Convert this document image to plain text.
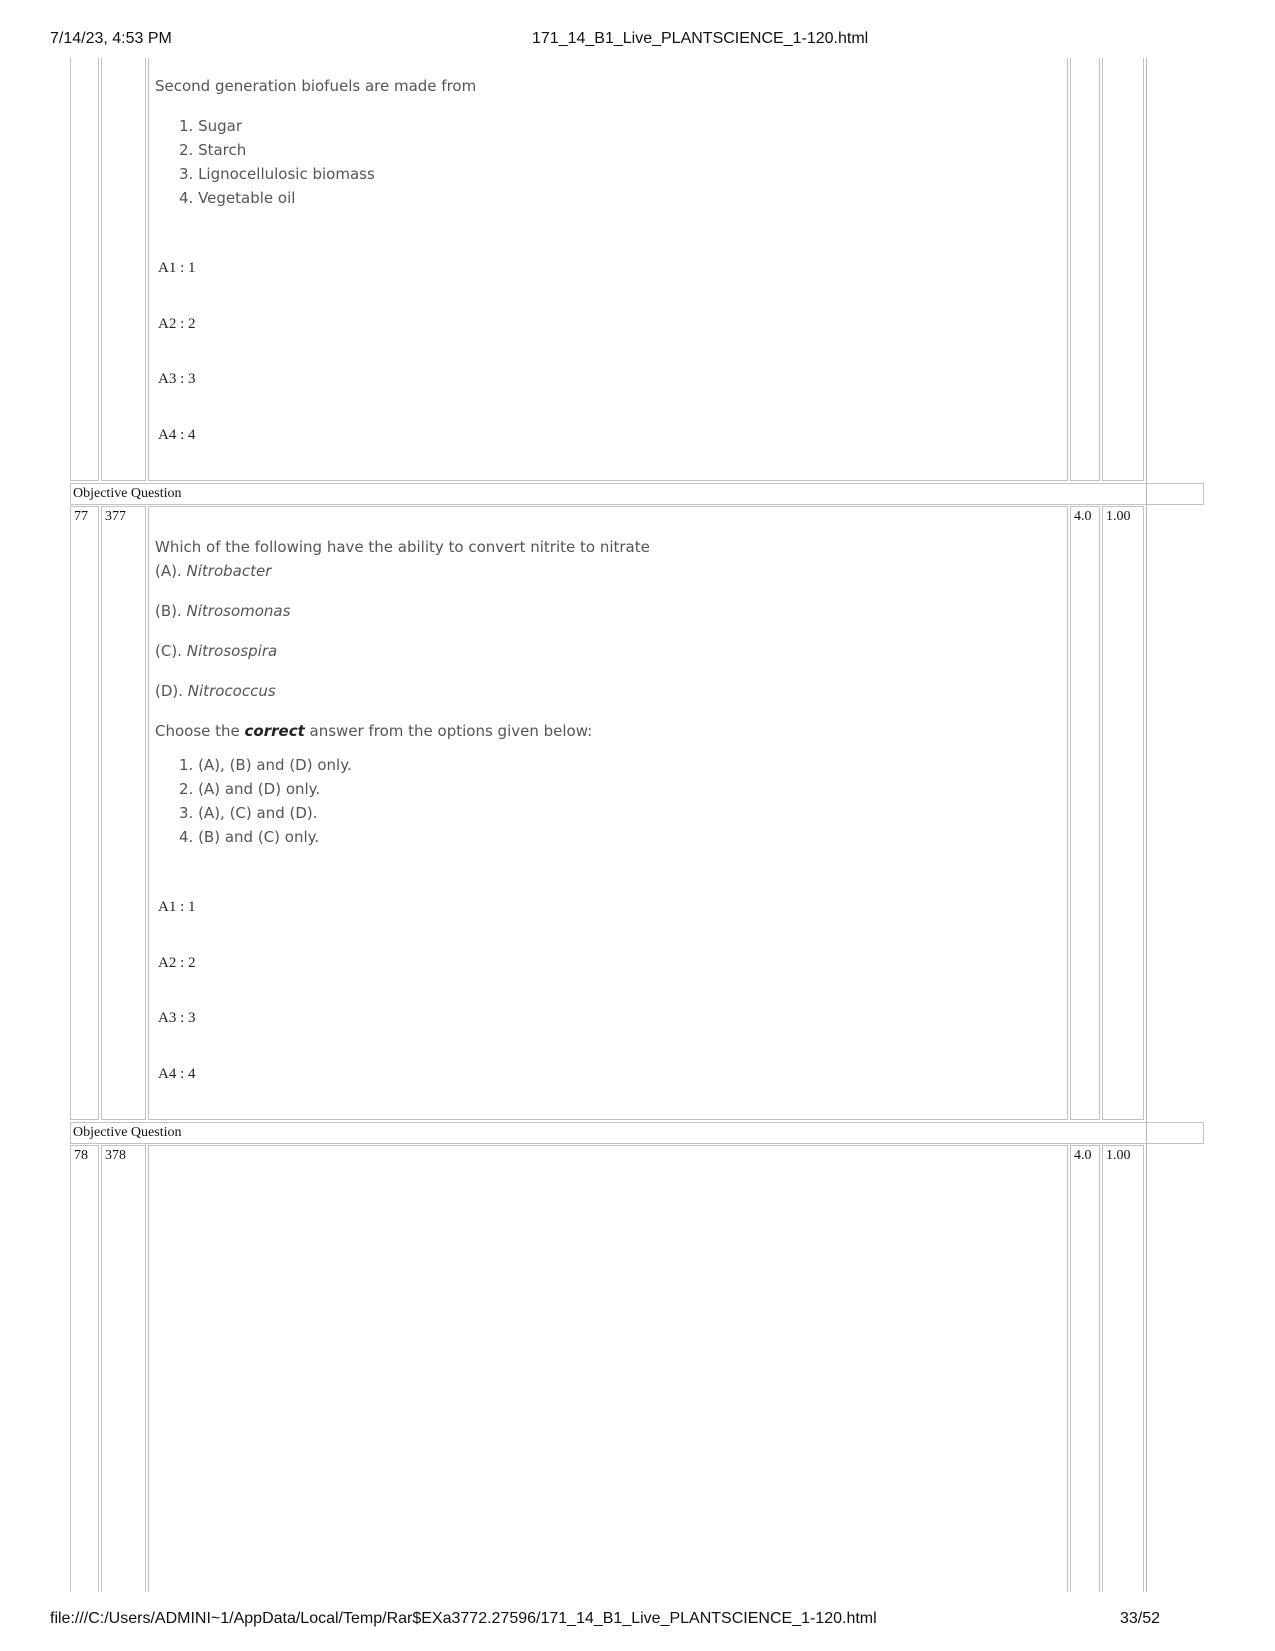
7/14/23, 4:53 PM	171_14_B1_Live_PLANTSCIENCE_1-120.html

Second generation biofuels are made from

1. Sugar
2. Starch
3. Lignocellulosic biomass
4. Vegetable oil
A1 : 1
A2 : 2
A3 : 3
A4 : 4
Objective Question
77	377

Which of the following have the ability to convert nitrite to nitrate

(A). Nitrobacter

(B). Nitrosomonas

(C). Nitrosospira

(D). Nitrococcus

Choose the correct answer from the options given below:

1. (A), (B) and (D) only.
2. (A) and (D) only.
3. (A), (C) and (D).
4. (B) and (C) only.
A1 : 1
A2 : 2
A3 : 3
A4 : 4
4.0	1.00
Objective Question
78	378	4.0	1.00
file:///C:/Users/ADMINI~1/AppData/Local/Temp/Rar$EXa3772.27596/171_14_B1_Live_PLANTSCIENCE_1-120.html	33/52
